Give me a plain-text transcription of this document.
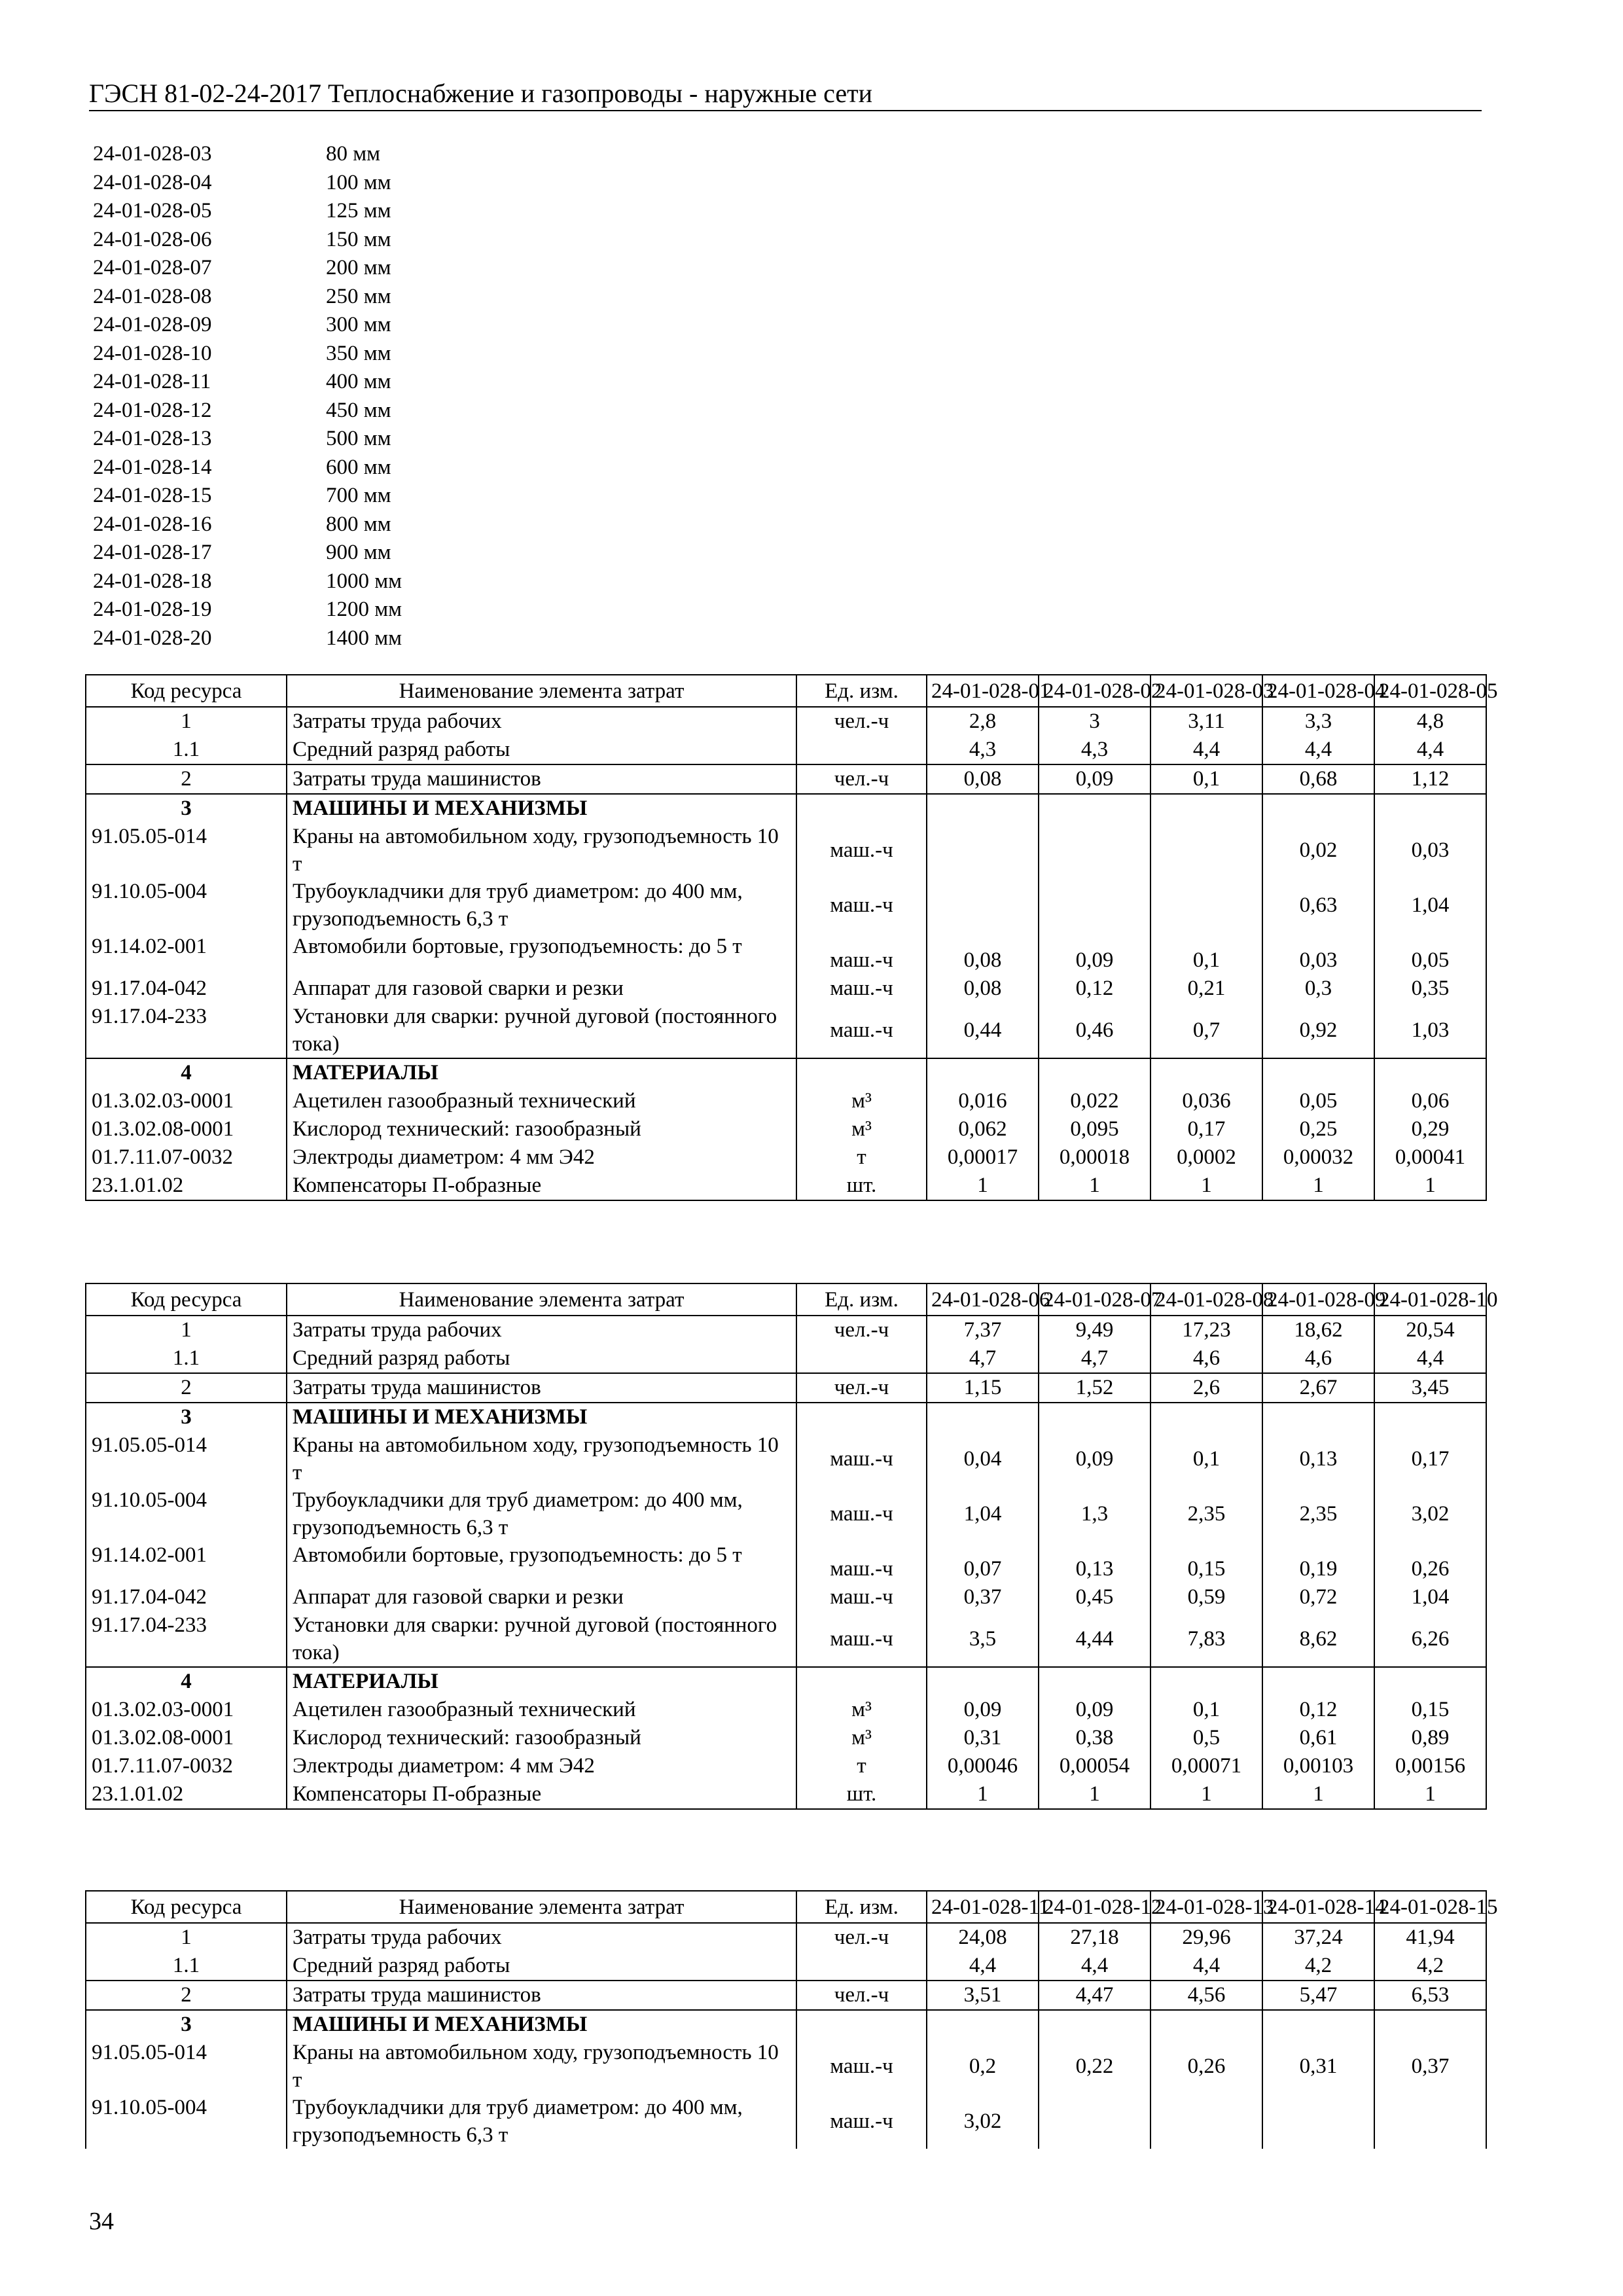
ГЭСН 81-02-24-2017 Теплоснабжение и газопроводы - наружные сети
24-01-028-03	80 мм
24-01-028-04	100 мм
24-01-028-05	125 мм
24-01-028-06	150 мм
24-01-028-07	200 мм
24-01-028-08	250 мм
24-01-028-09	300 мм
24-01-028-10	350 мм
24-01-028-11	400 мм
24-01-028-12	450 мм
24-01-028-13	500 мм
24-01-028-14	600 мм
24-01-028-15	700 мм
24-01-028-16	800 мм
24-01-028-17	900 мм
24-01-028-18	1000 мм
24-01-028-19	1200 мм
24-01-028-20	1400 мм
Код ресурса	Наименование элемента затрат	Ед. изм.	24-01-028-01	24-01-028-02	24-01-028-03	24-01-028-04	24-01-028-05
1	Затраты труда рабочих	чел.-ч	2,8	3	3,11	3,3	4,8
1.1	Средний разряд работы		4,3	4,3	4,4	4,4	4,4
2	Затраты труда машинистов	чел.-ч	0,08	0,09	0,1	0,68	1,12
3	МАШИНЫ И МЕХАНИЗМЫ						
91.05.05-014	Краны на автомобильном ходу, грузоподъемность 10 т	маш.-ч				0,02	0,03
91.10.05-004	Трубоукладчики для труб диаметром: до 400 мм, грузоподъемность 6,3 т	маш.-ч				0,63	1,04
91.14.02-001	Автомобили бортовые, грузоподъемность: до 5 т	маш.-ч	0,08	0,09	0,1	0,03	0,05
91.17.04-042	Аппарат для газовой сварки и резки	маш.-ч	0,08	0,12	0,21	0,3	0,35
91.17.04-233	Установки для сварки: ручной дуговой (постоянного тока)	маш.-ч	0,44	0,46	0,7	0,92	1,03
4	МАТЕРИАЛЫ						
01.3.02.03-0001	Ацетилен газообразный технический	м³	0,016	0,022	0,036	0,05	0,06
01.3.02.08-0001	Кислород технический: газообразный	м³	0,062	0,095	0,17	0,25	0,29
01.7.11.07-0032	Электроды диаметром: 4 мм Э42	т	0,00017	0,00018	0,0002	0,00032	0,00041
23.1.01.02	Компенсаторы П-образные	шт.	1	1	1	1	1
Код ресурса	Наименование элемента затрат	Ед. изм.	24-01-028-06	24-01-028-07	24-01-028-08	24-01-028-09	24-01-028-10
1	Затраты труда рабочих	чел.-ч	7,37	9,49	17,23	18,62	20,54
1.1	Средний разряд работы		4,7	4,7	4,6	4,6	4,4
2	Затраты труда машинистов	чел.-ч	1,15	1,52	2,6	2,67	3,45
3	МАШИНЫ И МЕХАНИЗМЫ						
91.05.05-014	Краны на автомобильном ходу, грузоподъемность 10 т	маш.-ч	0,04	0,09	0,1	0,13	0,17
91.10.05-004	Трубоукладчики для труб диаметром: до 400 мм, грузоподъемность 6,3 т	маш.-ч	1,04	1,3	2,35	2,35	3,02
91.14.02-001	Автомобили бортовые, грузоподъемность: до 5 т	маш.-ч	0,07	0,13	0,15	0,19	0,26
91.17.04-042	Аппарат для газовой сварки и резки	маш.-ч	0,37	0,45	0,59	0,72	1,04
91.17.04-233	Установки для сварки: ручной дуговой (постоянного тока)	маш.-ч	3,5	4,44	7,83	8,62	6,26
4	МАТЕРИАЛЫ						
01.3.02.03-0001	Ацетилен газообразный технический	м³	0,09	0,09	0,1	0,12	0,15
01.3.02.08-0001	Кислород технический: газообразный	м³	0,31	0,38	0,5	0,61	0,89
01.7.11.07-0032	Электроды диаметром: 4 мм Э42	т	0,00046	0,00054	0,00071	0,00103	0,00156
23.1.01.02	Компенсаторы П-образные	шт.	1	1	1	1	1
Код ресурса	Наименование элемента затрат	Ед. изм.	24-01-028-11	24-01-028-12	24-01-028-13	24-01-028-14	24-01-028-15
1	Затраты труда рабочих	чел.-ч	24,08	27,18	29,96	37,24	41,94
1.1	Средний разряд работы		4,4	4,4	4,4	4,2	4,2
2	Затраты труда машинистов	чел.-ч	3,51	4,47	4,56	5,47	6,53
3	МАШИНЫ И МЕХАНИЗМЫ						
91.05.05-014	Краны на автомобильном ходу, грузоподъемность 10 т	маш.-ч	0,2	0,22	0,26	0,31	0,37
91.10.05-004	Трубоукладчики для труб диаметром: до 400 мм, грузоподъемность 6,3 т	маш.-ч	3,02				
34
